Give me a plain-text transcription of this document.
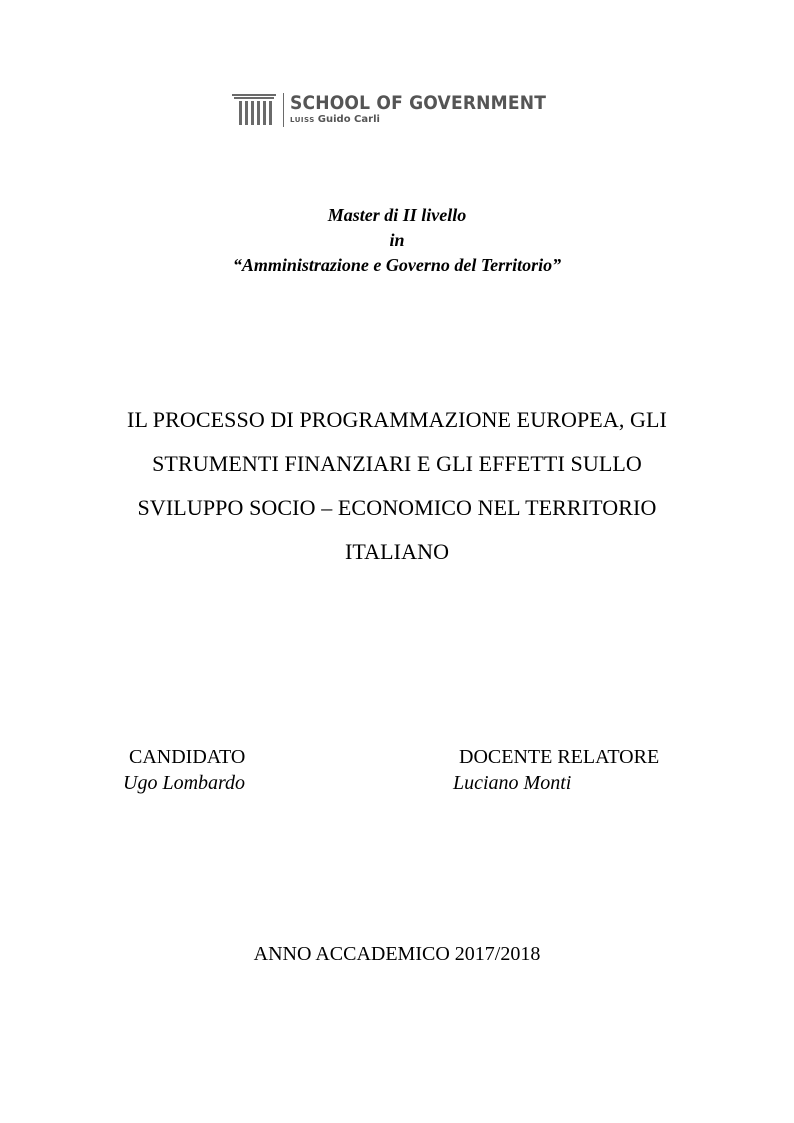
SCHOOL OF GOVERNMENT
LUISS Guido Carli
Master di II livello
in
“Amministrazione e Governo del Territorio”
IL PROCESSO DI PROGRAMMAZIONE EUROPEA, GLI
STRUMENTI FINANZIARI E GLI EFFETTI SULLO
SVILUPPO SOCIO – ECONOMICO NEL TERRITORIO
ITALIANO
CANDIDATO
Ugo Lombardo
DOCENTE RELATORE
Luciano Monti
ANNO ACCADEMICO 2017/2018
